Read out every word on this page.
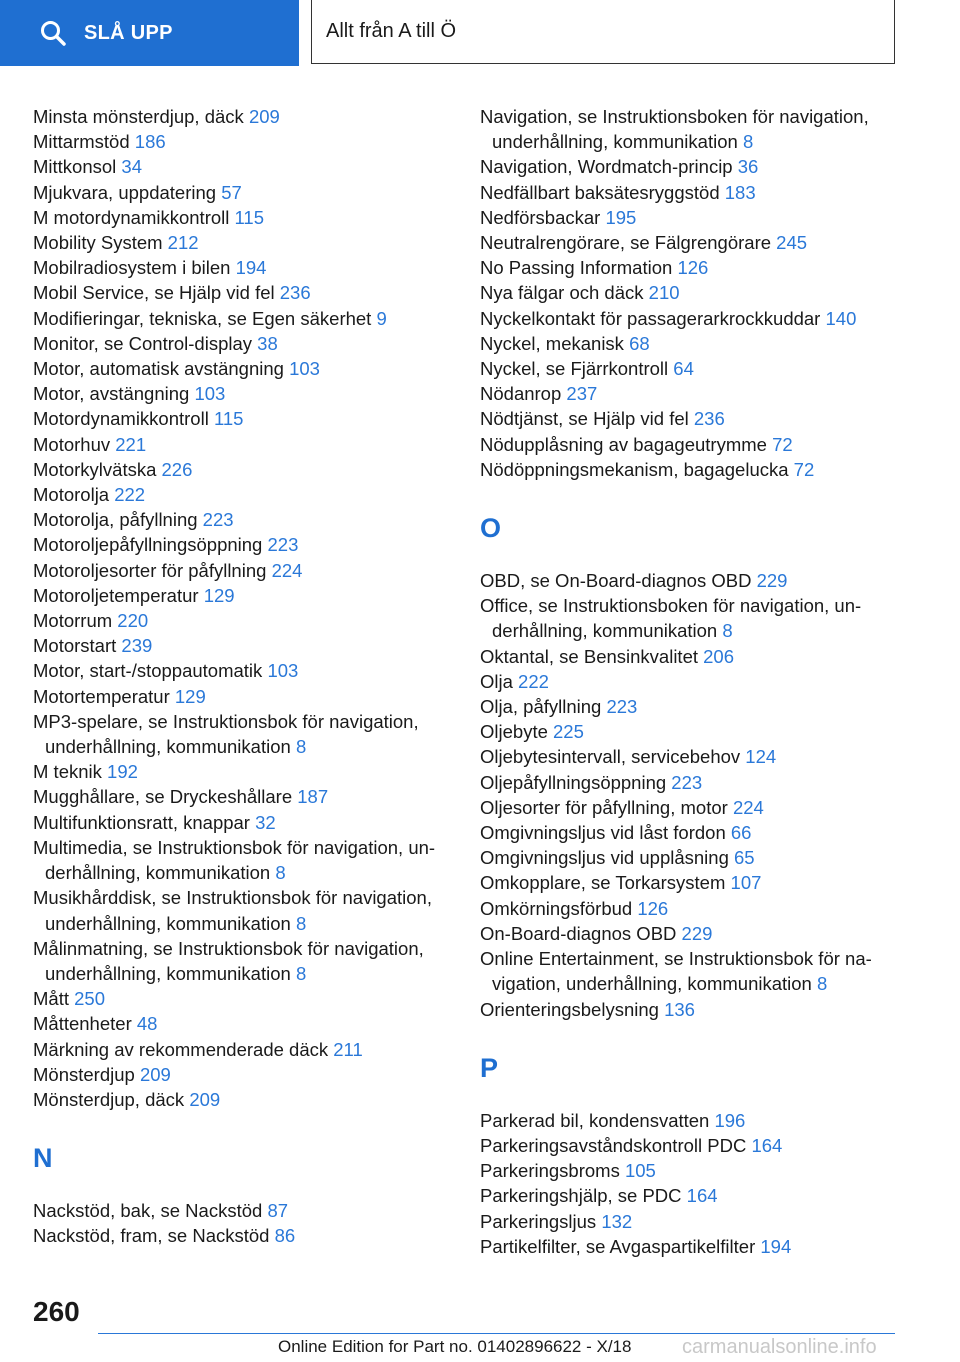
SLÅ UPP	Allt från A till Ö
Minsta mönsterdjup, däck 209
Mittarmstöd 186
Mittkonsol 34
Mjukvara, uppdatering 57
M motordynamikkontroll 115
Mobility System 212
Mobilradiosystem i bilen 194
Mobil Service, se Hjälp vid fel 236
Modifieringar, tekniska, se Egen säkerhet 9
Monitor, se Control-display 38
Motor, automatisk avstängning 103
Motor, avstängning 103
Motordynamikkontroll 115
Motorhuv 221
Motorkylvätska 226
Motorolja 222
Motorolja, påfyllning 223
Motoroljepåfyllningsöppning 223
Motoroljesorter för påfyllning 224
Motoroljetemperatur 129
Motorrum 220
Motorstart 239
Motor, start-/stoppautomatik 103
Motortemperatur 129
MP3-spelare, se Instruktionsbok för navigation, underhållning, kommunikation 8
M teknik 192
Mugghållare, se Dryckeshållare 187
Multifunktionsratt, knappar 32
Multimedia, se Instruktionsbok för navigation, un-derhållning, kommunikation 8
Musikhårddisk, se Instruktionsbok för navigation, underhållning, kommunikation 8
Målinmatning, se Instruktionsbok för navigation, underhållning, kommunikation 8
Mått 250
Måttenheter 48
Märkning av rekommenderade däck 211
Mönsterdjup 209
Mönsterdjup, däck 209
N
Nackstöd, bak, se Nackstöd 87
Nackstöd, fram, se Nackstöd 86
Navigation, se Instruktionsboken för navigation, underhållning, kommunikation 8
Navigation, Wordmatch-princip 36
Nedfällbart baksätesryggstöd 183
Nedförsbackar 195
Neutralrengörare, se Fälgrengörare 245
No Passing Information 126
Nya fälgar och däck 210
Nyckelkontakt för passagerarkrockkuddar 140
Nyckel, mekanisk 68
Nyckel, se Fjärrkontroll 64
Nödanrop 237
Nödtjänst, se Hjälp vid fel 236
Nödupplåsning av bagageutrymme 72
Nödöppningsmekanism, bagagelucka 72
O
OBD, se On-Board-diagnos OBD 229
Office, se Instruktionsboken för navigation, un-derhållning, kommunikation 8
Oktantal, se Bensinkvalitet 206
Olja 222
Olja, påfyllning 223
Oljebyte 225
Oljebytesintervall, servicebehov 124
Oljepåfyllningsöppning 223
Oljesorter för påfyllning, motor 224
Omgivningsljus vid låst fordon 66
Omgivningsljus vid upplåsning 65
Omkopplare, se Torkarsystem 107
Omkörningsförbud 126
On-Board-diagnos OBD 229
Online Entertainment, se Instruktionsbok för na-vigation, underhållning, kommunikation 8
Orienteringsbelysning 136
P
Parkerad bil, kondensvatten 196
Parkeringsavståndskontroll PDC 164
Parkeringsbroms 105
Parkeringshjälp, se PDC 164
Parkeringsljus 132
Partikelfilter, se Avgaspartikelfilter 194
260
Online Edition for Part no. 01402896622 - X/18	carmanualsonline.info
